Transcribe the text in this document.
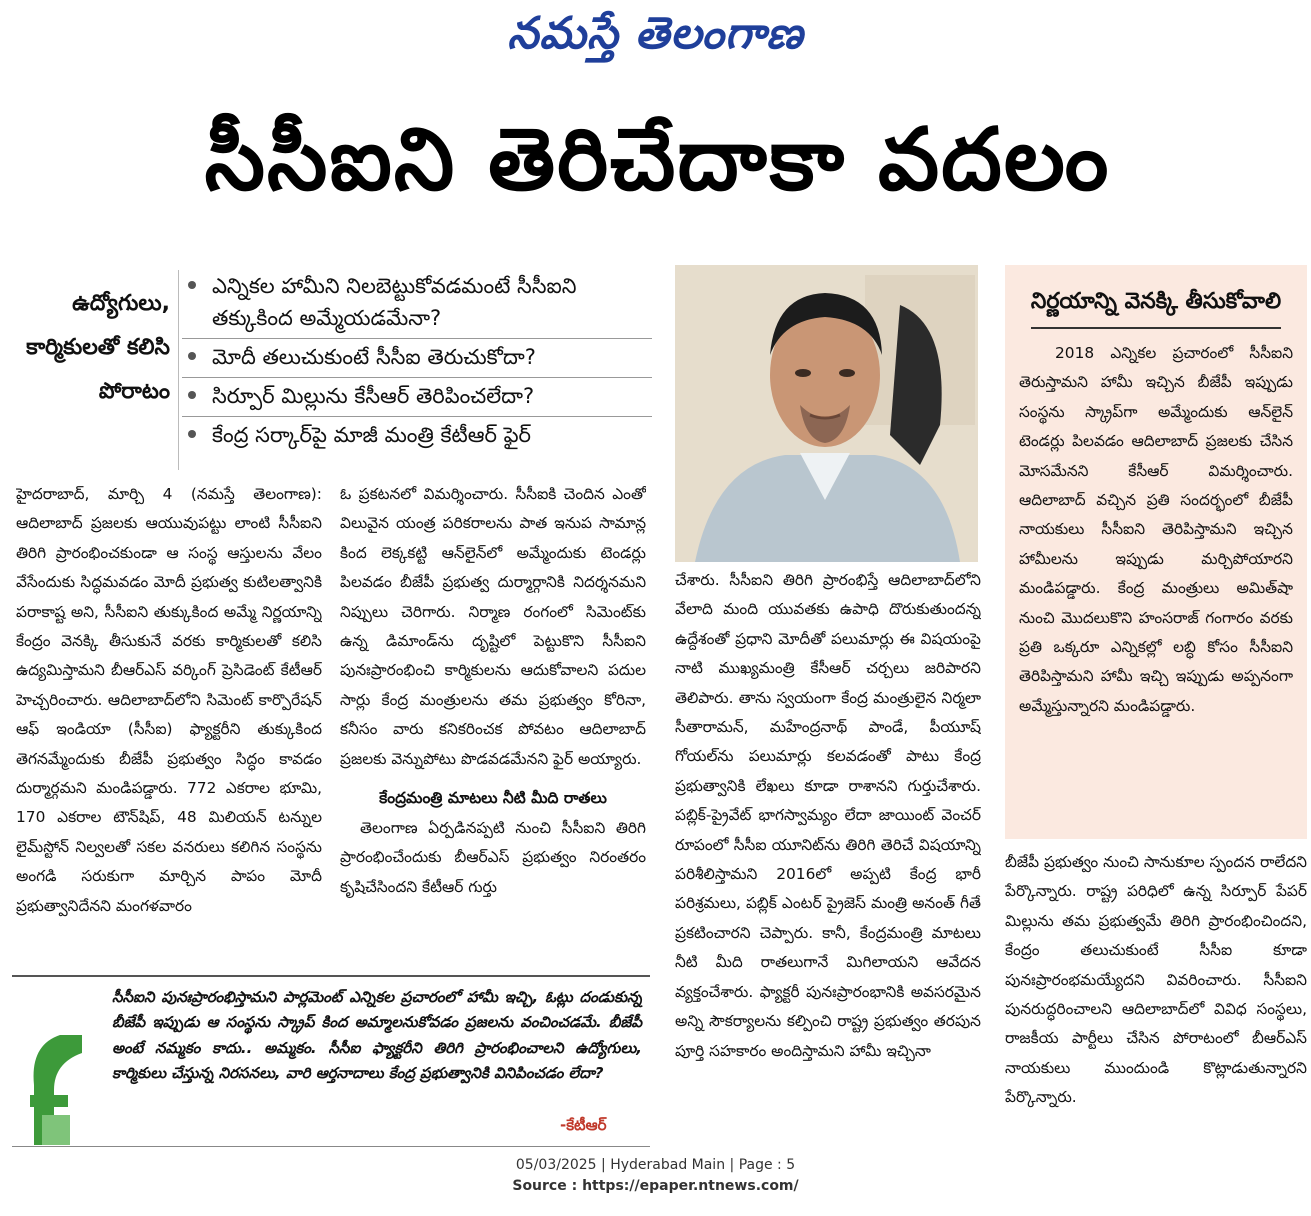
నమస్తే తెలంగాణ
సీసీఐని తెరిచేదాకా వదలం
ఉద్యోగులు, కార్మికులతో కలిసి పోరాటం
ఎన్నికల హామీని నిలబెట్టుకోవడమంటే సీసీఐని తక్కుకింద అమ్మేయడమేనా?
మోదీ తలుచుకుంటే సీసీఐ తెరుచుకోదా?
సిర్పూర్ మిల్లును కేసీఆర్ తెరిపించలేదా?
కేంద్ర సర్కార్‌పై మాజీ మంత్రి కేటీఆర్ ఫైర్

హైదరాబాద్, మార్చి 4 (నమస్తే తెలంగాణ): ఆదిలాబాద్ ప్రజలకు ఆయువుపట్టు లాంటి సీసీఐని తిరిగి ప్రారంభించకుండా ఆ సంస్థ ఆస్తులను వేలం వేసేందుకు సిద్ధమవడం మోదీ ప్రభుత్వ కుటిలత్వానికి పరాకాష్ట అని, సీసీఐని తుక్కుకింద అమ్మే నిర్ణయాన్ని కేంద్రం వెనక్కి తీసుకునే వరకు కార్మికులతో కలిసి ఉద్యమిస్తామని బీఆర్‌ఎస్ వర్కింగ్ ప్రెసిడెంట్ కేటీఆర్ హెచ్చరించారు. ఆదిలాబాద్‌లోని సిమెంట్ కార్పొరేషన్ ఆఫ్ ఇండియా (సీసీఐ) ఫ్యాక్టరీని తుక్కుకింద తెగనమ్మేందుకు బీజేపీ ప్రభుత్వం సిద్ధం కావడం దుర్మార్గమని మండిపడ్డారు. 772 ఎకరాల భూమి, 170 ఎకరాల టౌన్‌షిప్, 48 మిలియన్ టన్నుల లైమ్‌స్టోన్ నిల్వలతో సకల వనరులు కలిగిన సంస్థను అంగడి సరుకుగా మార్చిన పాపం మోదీ ప్రభుత్వానిదేనని మంగళవారం

ఓ ప్రకటనలో విమర్శించారు. సీసీఐకి చెందిన ఎంతో విలువైన యంత్ర పరికరాలను పాత ఇనుప సామాన్ల కింద లెక్కకట్టి ఆన్‌లైన్‌లో అమ్మేందుకు టెండర్లు పిలవడం బీజేపీ ప్రభుత్వ దుర్మార్గానికి నిదర్శనమని నిప్పులు చెరిగారు. నిర్మాణ రంగంలో సిమెంట్‌కు ఉన్న డిమాండ్‌ను దృష్టిలో పెట్టుకొని సీసీఐని పునఃప్రారంభించి కార్మికులను ఆదుకోవాలని పదుల సార్లు కేంద్ర మంత్రులను తమ ప్రభుత్వం కోరినా, కనీసం వారు కనికరించక పోవటం ఆదిలాబాద్ ప్రజలకు వెన్నుపోటు పొడవడమేనని ఫైర్ అయ్యారు.

కేంద్రమంత్రి మాటలు నీటి మీది రాతలు

తెలంగాణ ఏర్పడినప్పటి నుంచి సీసీఐని తిరిగి ప్రారంభించేందుకు బీఆర్‌ఎస్ ప్రభుత్వం నిరంతరం కృషిచేసిందని కేటీఆర్ గుర్తు

చేశారు. సీసీఐని తిరిగి ప్రారంభిస్తే ఆదిలాబాద్‌లోని వేలాది మంది యువతకు ఉపాధి దొరుకుతుందన్న ఉద్దేశంతో ప్రధాని మోదీతో పలుమార్లు ఈ విషయంపై నాటి ముఖ్యమంత్రి కేసీఆర్ చర్చలు జరిపారని తెలిపారు. తాను స్వయంగా కేంద్ర మంత్రులైన నిర్మలా సీతారామన్, మహేంద్రనాథ్ పాండే, పీయూష్ గోయల్‌ను పలుమార్లు కలవడంతో పాటు కేంద్ర ప్రభుత్వానికి లేఖలు కూడా రాశానని గుర్తుచేశారు. పబ్లిక్-ప్రైవేట్ భాగస్వామ్యం లేదా జాయింట్ వెంచర్ రూపంలో సీసీఐ యూనిట్‌ను తిరిగి తెరిచే విషయాన్ని పరిశీలిస్తామని 2016లో అప్పటి కేంద్ర భారీ పరిశ్రమలు, పబ్లిక్ ఎంటర్ ప్రైజెస్ మంత్రి అనంత్ గీతే ప్రకటించారని చెప్పారు. కానీ, కేంద్రమంత్రి మాటలు నీటి మీది రాతలుగానే మిగిలాయని ఆవేదన వ్యక్తంచేశారు. ఫ్యాక్టరీ పునఃప్రారంభానికి అవసరమైన అన్ని సౌకర్యాలను కల్పించి రాష్ట్ర ప్రభుత్వం తరపున పూర్తి సహకారం అందిస్తామని హామీ ఇచ్చినా

నిర్ణయాన్ని వెనక్కి తీసుకోవాలి
2018 ఎన్నికల ప్రచారంలో సీసీఐని తెరుస్తామని హామీ ఇచ్చిన బీజేపీ ఇప్పుడు సంస్థను స్క్రాప్‌గా అమ్మేందుకు ఆన్‌లైన్ టెండర్లు పిలవడం ఆదిలాబాద్ ప్రజలకు చేసిన మోసమేనని కేసీఆర్ విమర్శించారు. ఆదిలాబాద్ వచ్చిన ప్రతి సందర్భంలో బీజేపీ నాయకులు సీసీఐని తెరిపిస్తామని ఇచ్చిన హామీలను ఇప్పుడు మర్చిపోయారని మండిపడ్డారు. కేంద్ర మంత్రులు అమిత్‌షా నుంచి మొదలుకొని హంసరాజ్ గంగారం వరకు ప్రతి ఒక్కరూ ఎన్నికల్లో లబ్ధి కోసం సీసీఐని తెరిపిస్తామని హామీ ఇచ్చి ఇప్పుడు అప్పనంగా అమ్మేస్తున్నారని మండిపడ్డారు.

బీజేపీ ప్రభుత్వం నుంచి సానుకూల స్పందన రాలేదని పేర్కొన్నారు. రాష్ట్ర పరిధిలో ఉన్న సిర్పూర్ పేపర్ మిల్లును తమ ప్రభుత్వమే తిరిగి ప్రారంభించిందని, కేంద్రం తలుచుకుంటే సీసీఐ కూడా పునఃప్రారంభమయ్యేదని వివరించారు. సీసీఐని పునరుద్ధరించాలని ఆదిలాబాద్‌లో వివిధ సంస్థలు, రాజకీయ పార్టీలు చేసిన పోరాటంలో బీఆర్‌ఎస్ నాయకులు ముందుండి కొట్లాడుతున్నారని పేర్కొన్నారు.

సీసీఐని పునఃప్రారంభిస్తామని పార్లమెంట్ ఎన్నికల ప్రచారంలో హామీ ఇచ్చి, ఓట్లు దండుకున్న బీజేపీ ఇప్పుడు ఆ సంస్థను స్క్రాప్ కింద అమ్మాలనుకోవడం ప్రజలను వంచించడమే. బీజేపీ అంటే నమ్మకం కాదు.. అమ్మకం. సీసీఐ ఫ్యాక్టరీని తిరిగి ప్రారంభించాలని ఉద్యోగులు, కార్మికులు చేస్తున్న నిరసనలు, వారి ఆర్తనాదాలు కేంద్ర ప్రభుత్వానికి వినిపించడం లేదా?
-కేటీఆర్
05/03/2025 | Hyderabad Main | Page : 5
Source : https://epaper.ntnews.com/
